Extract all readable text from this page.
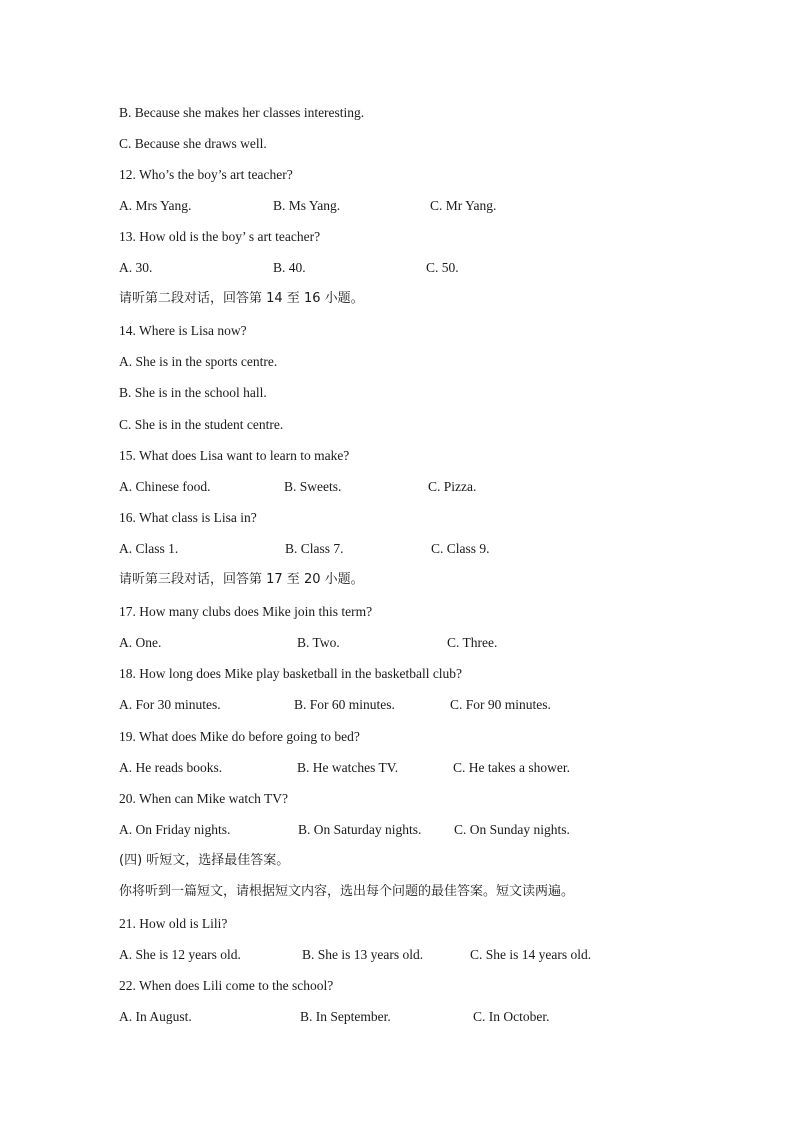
B. Because she makes her classes interesting.
C. Because she draws well.
12. Who’s the boy’s art teacher?
A. Mrs Yang.	B. Ms Yang.	C. Mr Yang.
13. How old is the boy’ s art teacher?
A. 30.	B. 40.	C. 50.
请听第二段对话，回答第 14 至 16 小题。
14. Where is Lisa now?
A. She is in the sports centre.
B. She is in the school hall.
C. She is in the student centre.
15. What does Lisa want to learn to make?
A. Chinese food.	B. Sweets.	C. Pizza.
16. What class is Lisa in?
A. Class 1.	B. Class 7.	C. Class 9.
请听第三段对话，回答第 17 至 20 小题。
17. How many clubs does Mike join this term?
A. One.	B. Two.	C. Three.
18. How long does Mike play basketball in the basketball club?
A. For 30 minutes.	B. For 60 minutes.	C. For 90 minutes.
19. What does Mike do before going to bed?
A. He reads books.	B. He watches TV.	C. He takes a shower.
20. When can Mike watch TV?
A. On Friday nights.	B. On Saturday nights. C. On Sunday nights.
(四) 听短文，选择最佳答案。
你将听到一篇短文，请根据短文内容，选出每个问题的最佳答案。短文读两遍。
21. How old is Lili?
A. She is 12 years old.	B. She is 13 years old.	C. She is 14 years old.
22. When does Lili come to the school?
A. In August.	B. In September.	C. In October.
